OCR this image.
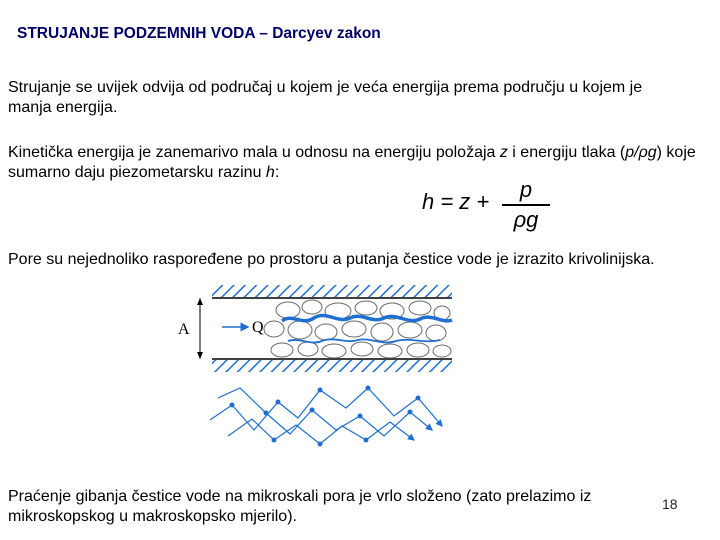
STRUJANJE PODZEMNIH VODA – Darcyev zakon
Strujanje se uvijek odvija od područaj u kojem je veća energija prema području u kojem je manja energija.
Kinetička energija je zanemarivo mala u odnosu na energiju položaja z i energiju tlaka (p/ρg) koje sumarno daju piezometarsku razinu h:
h = z +	p
ρg
Pore su nejednoliko raspoređene po prostoru a putanja čestice vode je izrazito krivolinijska.
A	Q
Praćenje gibanja čestice vode na mikroskali pora je vrlo složeno (zato prelazimo iz mikroskopskog u makroskopsko mjerilo).
18
